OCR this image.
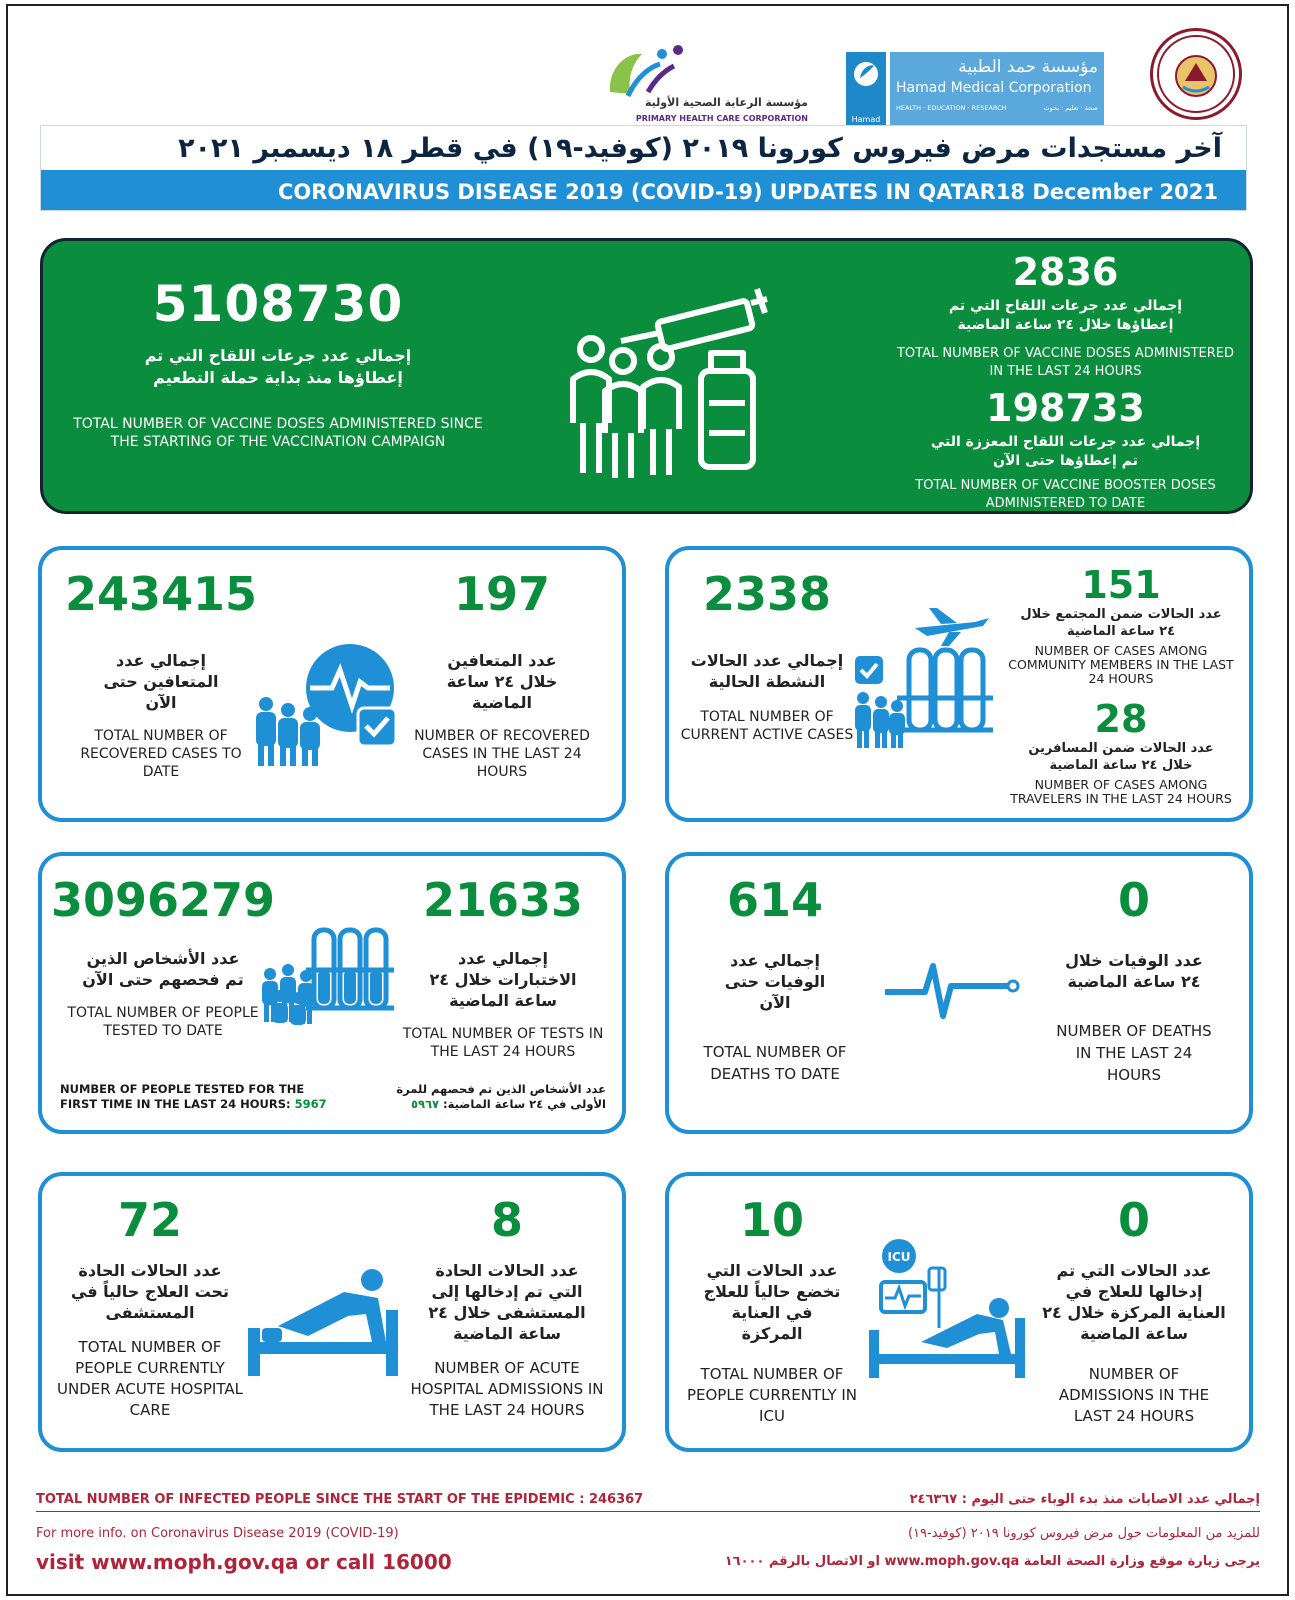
مؤسسة الرعاية الصحية الأولية
PRIMARY HEALTH CARE CORPORATION	Hamad
مؤسسة حمد الطبية
Hamad Medical Corporation
HEALTH · EDUCATION · RESEARCH	صحة · تعليم · بحوث
آخر مستجدات مرض فيروس كورونا ٢٠١٩ (كوفيد-١٩) في قطر ١٨ ديسمبر ٢٠٢١
CORONAVIRUS DISEASE 2019 (COVID-19) UPDATES IN QATAR18 December 2021
5108730
إجمالي عدد جرعات اللقاح التي تم إعطاؤها منذ بداية حملة التطعيم
TOTAL NUMBER OF VACCINE DOSES ADMINISTERED SINCE THE STARTING OF THE VACCINATION CAMPAIGN
2836
إجمالي عدد جرعات اللقاح التي تم إعطاؤها خلال ٢٤ ساعة الماضية
TOTAL NUMBER OF VACCINE DOSES ADMINISTERED IN THE LAST 24 HOURS
198733
إجمالي عدد جرعات اللقاح المعززة التي تم إعطاؤها حتى الآن
TOTAL NUMBER OF VACCINE BOOSTER DOSES ADMINISTERED TO DATE
243415
إجمالي عدد المتعافين حتى الآن
TOTAL NUMBER OF RECOVERED CASES TO DATE
197
عدد المتعافين خلال ٢٤ ساعة الماضية
NUMBER OF RECOVERED CASES IN THE LAST 24 HOURS
2338
إجمالي عدد الحالات النشطة الحالية
TOTAL NUMBER OF CURRENT ACTIVE CASES
151
عدد الحالات ضمن المجتمع خلال ٢٤ ساعة الماضية
NUMBER OF CASES AMONG COMMUNITY MEMBERS IN THE LAST 24 HOURS
28
عدد الحالات ضمن المسافرين خلال ٢٤ ساعة الماضية
NUMBER OF CASES AMONG TRAVELERS IN THE LAST 24 HOURS
3096279
عدد الأشخاص الذين تم فحصهم حتى الآن
TOTAL NUMBER OF PEOPLE TESTED TO DATE
21633
إجمالي عدد الاختبارات خلال ٢٤ ساعة الماضية
TOTAL NUMBER OF TESTS IN THE LAST 24 HOURS
NUMBER OF PEOPLE TESTED FOR THE FIRST TIME IN THE LAST 24 HOURS: 5967
عدد الأشخاص الذين تم فحصهم للمرة الأولى في ٢٤ ساعة الماضية: ٥٩٦٧
614
إجمالي عدد الوفيات حتى الآن
TOTAL NUMBER OF DEATHS TO DATE
0
عدد الوفيات خلال ٢٤ ساعة الماضية
NUMBER OF DEATHS IN THE LAST 24 HOURS
72
عدد الحالات الحادة تحت العلاج حالياً في المستشفى
TOTAL NUMBER OF PEOPLE CURRENTLY UNDER ACUTE HOSPITAL CARE
8
عدد الحالات الحادة التي تم إدخالها إلى المستشفى خلال ٢٤ ساعة الماضية
NUMBER OF ACUTE HOSPITAL ADMISSIONS IN THE LAST 24 HOURS
10
عدد الحالات التي تخضع حالياً للعلاج في العناية المركزة
TOTAL NUMBER OF PEOPLE CURRENTLY IN ICU
ICU
0
عدد الحالات التي تم إدخالها للعلاج في العناية المركزة خلال ٢٤ ساعة الماضية
NUMBER OF ADMISSIONS IN THE LAST 24 HOURS
TOTAL NUMBER OF INFECTED PEOPLE SINCE THE START OF THE EPIDEMIC : 246367	إجمالي عدد الاصابات منذ بدء الوباء حتى اليوم : ٢٤٦٣٦٧
For more info. on Coronavirus Disease 2019 (COVID-19)	للمزيد من المعلومات حول مرض فيروس كورونا ٢٠١٩ (كوفيد-١٩)
visit www.moph.gov.qa or call 16000	يرجى زيارة موقع وزارة الصحة العامة www.moph.gov.qa او الاتصال بالرقم ١٦٠٠٠
